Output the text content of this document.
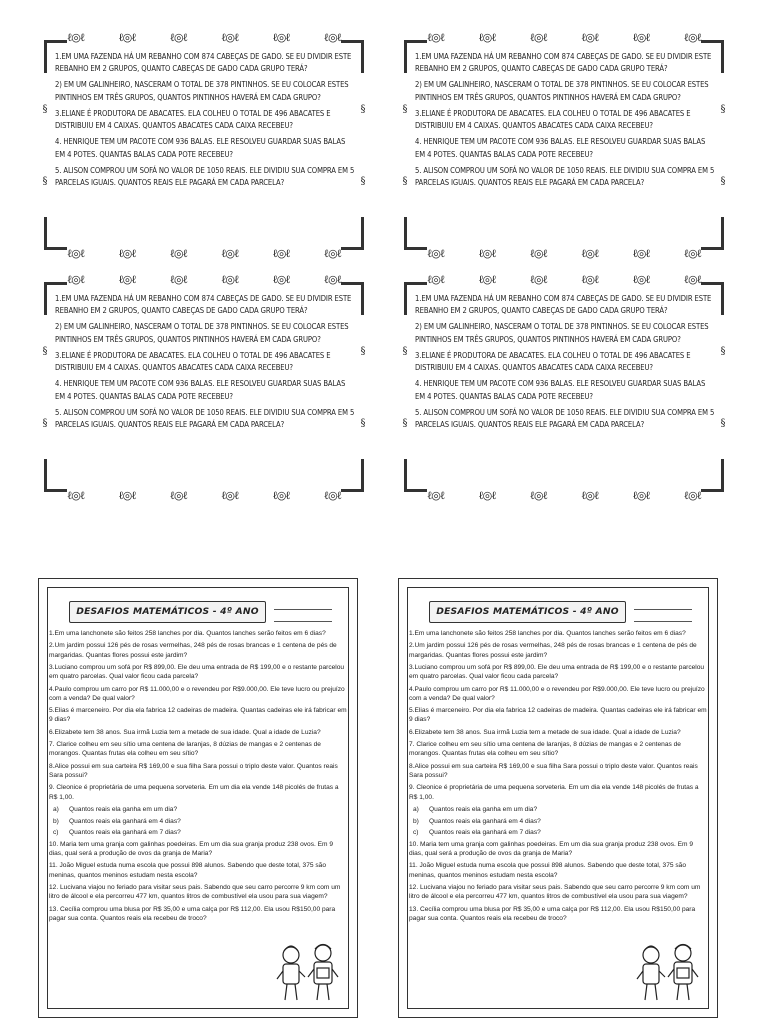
ℓ◎ℓ	ℓ◎ℓ	ℓ◎ℓ	ℓ◎ℓ	ℓ◎ℓ	ℓ◎ℓ
ℓ◎ℓ	ℓ◎ℓ	ℓ◎ℓ	ℓ◎ℓ	ℓ◎ℓ	ℓ◎ℓ
§
§
§
§

1.EM UMA FAZENDA HÁ UM REBANHO COM 874 CABEÇAS DE GADO. SE EU DIVIDIR ESTE REBANHO EM 2 GRUPOS, QUANTO CABEÇAS DE GADO CADA GRUPO TERÁ?

2) EM UM GALINHEIRO, NASCERAM O TOTAL DE 378 PINTINHOS. SE EU COLOCAR ESTES PINTINHOS EM TRÊS GRUPOS, QUANTOS PINTINHOS HAVERÁ EM CADA GRUPO?

3.ELIANE É PRODUTORA DE ABACATES. ELA COLHEU O TOTAL DE 496 ABACATES E DISTRIBUIU EM 4 CAIXAS. QUANTOS ABACATES CADA CAIXA RECEBEU?

4. HENRIQUE TEM UM PACOTE COM 936 BALAS. ELE RESOLVEU GUARDAR SUAS BALAS EM 4 POTES. QUANTAS BALAS CADA POTE RECEBEU?

5. ALISON COMPROU UM SOFÁ NO VALOR DE 1050 REAIS. ELE DIVIDIU SUA COMPRA EM 5 PARCELAS IGUAIS. QUANTOS REAIS ELE PAGARÁ EM CADA PARCELA?

ℓ◎ℓ	ℓ◎ℓ	ℓ◎ℓ	ℓ◎ℓ	ℓ◎ℓ	ℓ◎ℓ
ℓ◎ℓ	ℓ◎ℓ	ℓ◎ℓ	ℓ◎ℓ	ℓ◎ℓ	ℓ◎ℓ
§
§
§
§

1.EM UMA FAZENDA HÁ UM REBANHO COM 874 CABEÇAS DE GADO. SE EU DIVIDIR ESTE REBANHO EM 2 GRUPOS, QUANTO CABEÇAS DE GADO CADA GRUPO TERÁ?

2) EM UM GALINHEIRO, NASCERAM O TOTAL DE 378 PINTINHOS. SE EU COLOCAR ESTES PINTINHOS EM TRÊS GRUPOS, QUANTOS PINTINHOS HAVERÁ EM CADA GRUPO?

3.ELIANE É PRODUTORA DE ABACATES. ELA COLHEU O TOTAL DE 496 ABACATES E DISTRIBUIU EM 4 CAIXAS. QUANTOS ABACATES CADA CAIXA RECEBEU?

4. HENRIQUE TEM UM PACOTE COM 936 BALAS. ELE RESOLVEU GUARDAR SUAS BALAS EM 4 POTES. QUANTAS BALAS CADA POTE RECEBEU?

5. ALISON COMPROU UM SOFÁ NO VALOR DE 1050 REAIS. ELE DIVIDIU SUA COMPRA EM 5 PARCELAS IGUAIS. QUANTOS REAIS ELE PAGARÁ EM CADA PARCELA?

ℓ◎ℓ	ℓ◎ℓ	ℓ◎ℓ	ℓ◎ℓ	ℓ◎ℓ	ℓ◎ℓ
ℓ◎ℓ	ℓ◎ℓ	ℓ◎ℓ	ℓ◎ℓ	ℓ◎ℓ	ℓ◎ℓ
§
§
§
§

1.EM UMA FAZENDA HÁ UM REBANHO COM 874 CABEÇAS DE GADO. SE EU DIVIDIR ESTE REBANHO EM 2 GRUPOS, QUANTO CABEÇAS DE GADO CADA GRUPO TERÁ?

2) EM UM GALINHEIRO, NASCERAM O TOTAL DE 378 PINTINHOS. SE EU COLOCAR ESTES PINTINHOS EM TRÊS GRUPOS, QUANTOS PINTINHOS HAVERÁ EM CADA GRUPO?

3.ELIANE É PRODUTORA DE ABACATES. ELA COLHEU O TOTAL DE 496 ABACATES E DISTRIBUIU EM 4 CAIXAS. QUANTOS ABACATES CADA CAIXA RECEBEU?

4. HENRIQUE TEM UM PACOTE COM 936 BALAS. ELE RESOLVEU GUARDAR SUAS BALAS EM 4 POTES. QUANTAS BALAS CADA POTE RECEBEU?

5. ALISON COMPROU UM SOFÁ NO VALOR DE 1050 REAIS. ELE DIVIDIU SUA COMPRA EM 5 PARCELAS IGUAIS. QUANTOS REAIS ELE PAGARÁ EM CADA PARCELA?

ℓ◎ℓ	ℓ◎ℓ	ℓ◎ℓ	ℓ◎ℓ	ℓ◎ℓ	ℓ◎ℓ
ℓ◎ℓ	ℓ◎ℓ	ℓ◎ℓ	ℓ◎ℓ	ℓ◎ℓ	ℓ◎ℓ
§
§
§
§

1.EM UMA FAZENDA HÁ UM REBANHO COM 874 CABEÇAS DE GADO. SE EU DIVIDIR ESTE REBANHO EM 2 GRUPOS, QUANTO CABEÇAS DE GADO CADA GRUPO TERÁ?

2) EM UM GALINHEIRO, NASCERAM O TOTAL DE 378 PINTINHOS. SE EU COLOCAR ESTES PINTINHOS EM TRÊS GRUPOS, QUANTOS PINTINHOS HAVERÁ EM CADA GRUPO?

3.ELIANE É PRODUTORA DE ABACATES. ELA COLHEU O TOTAL DE 496 ABACATES E DISTRIBUIU EM 4 CAIXAS. QUANTOS ABACATES CADA CAIXA RECEBEU?

4. HENRIQUE TEM UM PACOTE COM 936 BALAS. ELE RESOLVEU GUARDAR SUAS BALAS EM 4 POTES. QUANTAS BALAS CADA POTE RECEBEU?

5. ALISON COMPROU UM SOFÁ NO VALOR DE 1050 REAIS. ELE DIVIDIU SUA COMPRA EM 5 PARCELAS IGUAIS. QUANTOS REAIS ELE PAGARÁ EM CADA PARCELA?

DESAFIOS MATEMÁTICOS - 4º ANO

1.Em uma lanchonete são feitos 258 lanches por dia. Quantos lanches serão feitos em 6 dias?

2.Um jardim possui 126 pés de rosas vermelhas, 248 pés de rosas brancas e 1 centena de pés de margaridas. Quantas flores possui este jardim?

3.Luciano comprou um sofá por R$ 899,00. Ele deu uma entrada de R$ 199,00 e o restante parcelou em quatro parcelas. Qual valor ficou cada parcela?

4.Paulo comprou um carro por R$ 11.000,00 e o revendeu por R$9.000,00. Ele teve lucro ou prejuízo com a venda? De qual valor?

5.Elias é marceneiro. Por dia ela fabrica 12 cadeiras de madeira. Quantas cadeiras ele irá fabricar em 9 dias?

6.Elizabete tem 38 anos. Sua irmã Luzia tem a metade de sua idade. Qual a idade de Luzia?

7. Clarice colheu em seu sítio uma centena de laranjas, 8 dúzias de mangas e 2 centenas de morangos. Quantas frutas ela colheu em seu sítio?

8.Alice possui em sua carteira R$ 169,00 e sua filha Sara possui o triplo deste valor. Quantos reais Sara possui?

9. Cleonice é proprietária de uma pequena sorveteria. Em um dia ela vende 148 picolés de frutas a R$ 1,00.

a) Quantos reais ela ganha em um dia?

b) Quantos reais ela ganhará em 4 dias?

c) Quantos reais ela ganhará em 7 dias?

10. Maria tem uma granja com galinhas poedeiras. Em um dia sua granja produz 238 ovos. Em 9 dias, qual será a produção de ovos da granja de Maria?

11. João Miguel estuda numa escola que possui 898 alunos. Sabendo que deste total, 375 são meninas, quantos meninos estudam nesta escola?

12. Lucivana viajou no feriado para visitar seus pais. Sabendo que seu carro percorre 9 km com um litro de álcool e ela percorreu 477 km, quantos litros de combustível ela usou para sua viagem?

13. Cecília comprou uma blusa por R$ 35,00 e uma calça por R$ 112,00. Ela usou R$150,00 para pagar sua conta. Quantos reais ela recebeu de troco?

DESAFIOS MATEMÁTICOS - 4º ANO

1.Em uma lanchonete são feitos 258 lanches por dia. Quantos lanches serão feitos em 6 dias?

2.Um jardim possui 126 pés de rosas vermelhas, 248 pés de rosas brancas e 1 centena de pés de margaridas. Quantas flores possui este jardim?

3.Luciano comprou um sofá por R$ 899,00. Ele deu uma entrada de R$ 199,00 e o restante parcelou em quatro parcelas. Qual valor ficou cada parcela?

4.Paulo comprou um carro por R$ 11.000,00 e o revendeu por R$9.000,00. Ele teve lucro ou prejuízo com a venda? De qual valor?

5.Elias é marceneiro. Por dia ela fabrica 12 cadeiras de madeira. Quantas cadeiras ele irá fabricar em 9 dias?

6.Elizabete tem 38 anos. Sua irmã Luzia tem a metade de sua idade. Qual a idade de Luzia?

7. Clarice colheu em seu sítio uma centena de laranjas, 8 dúzias de mangas e 2 centenas de morangos. Quantas frutas ela colheu em seu sítio?

8.Alice possui em sua carteira R$ 169,00 e sua filha Sara possui o triplo deste valor. Quantos reais Sara possui?

9. Cleonice é proprietária de uma pequena sorveteria. Em um dia ela vende 148 picolés de frutas a R$ 1,00.

a) Quantos reais ela ganha em um dia?

b) Quantos reais ela ganhará em 4 dias?

c) Quantos reais ela ganhará em 7 dias?

10. Maria tem uma granja com galinhas poedeiras. Em um dia sua granja produz 238 ovos. Em 9 dias, qual será a produção de ovos da granja de Maria?

11. João Miguel estuda numa escola que possui 898 alunos. Sabendo que deste total, 375 são meninas, quantos meninos estudam nesta escola?

12. Lucivana viajou no feriado para visitar seus pais. Sabendo que seu carro percorre 9 km com um litro de álcool e ela percorreu 477 km, quantos litros de combustível ela usou para sua viagem?

13. Cecília comprou uma blusa por R$ 35,00 e uma calça por R$ 112,00. Ela usou R$150,00 para pagar sua conta. Quantos reais ela recebeu de troco?
